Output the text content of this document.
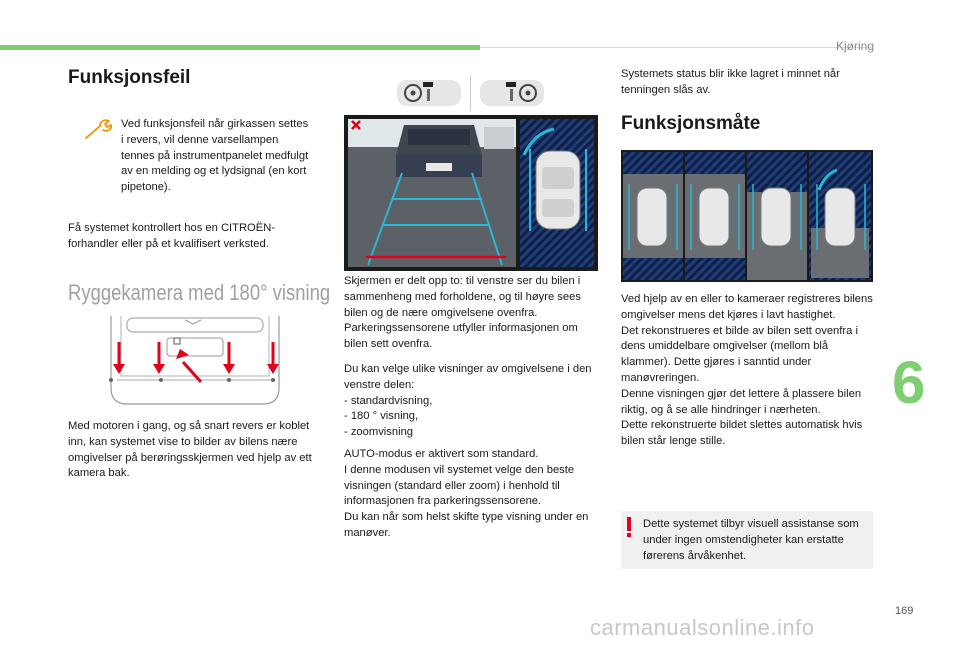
Kjøring
6
169
Funksjonsfeil
Ved funksjonsfeil når girkassen settes i revers, vil denne varsellampen tennes på instrumentpanelet medfulgt av en melding og et lydsignal (en kort pipetone).
Få systemet kontrollert hos en CITROËN-forhandler eller på et kvalifisert verksted.
Ryggekamera med 180° visning
Med motoren i gang, og så snart revers er koblet inn, kan systemet vise to bilder av bilens nære omgivelser på berøringsskjermen ved hjelp av ett kamera bak.
Skjermen er delt opp to: til venstre ser du bilen i sammenheng med forholdene, og til høyre sees bilen og de nære omgivelsene ovenfra. Parkeringssensorene utfyller informasjonen om bilen sett ovenfra.

Du kan velge ulike visninger av omgivelsene i den venstre delen:

- standardvisning,

- 180 ° visning,

- zoomvisning

AUTO-modus er aktivert som standard.

I denne modusen vil systemet velge den beste visningen (standard eller zoom) i henhold til informasjonen fra parkeringssensorene.

Du kan når som helst skifte type visning under en manøver.

Systemets status blir ikke lagret i minnet når tenningen slås av.
Funksjonsmåte

Ved hjelp av en eller to kameraer registreres bilens omgivelser mens det kjøres i lavt hastighet.

Det rekonstrueres et bilde av bilen sett ovenfra i dens umiddelbare omgivelser (mellom blå klammer). Dette gjøres i sanntid under manøvreringen.

Denne visningen gjør det lettere å plassere bilen riktig, og å se alle hindringer i nærheten.

Dette rekonstruerte bildet slettes automatisk hvis bilen står lenge stille.

Dette systemet tilbyr visuell assistanse som under ingen omstendigheter kan erstatte førerens årvåkenhet.
carmanualsonline.info
